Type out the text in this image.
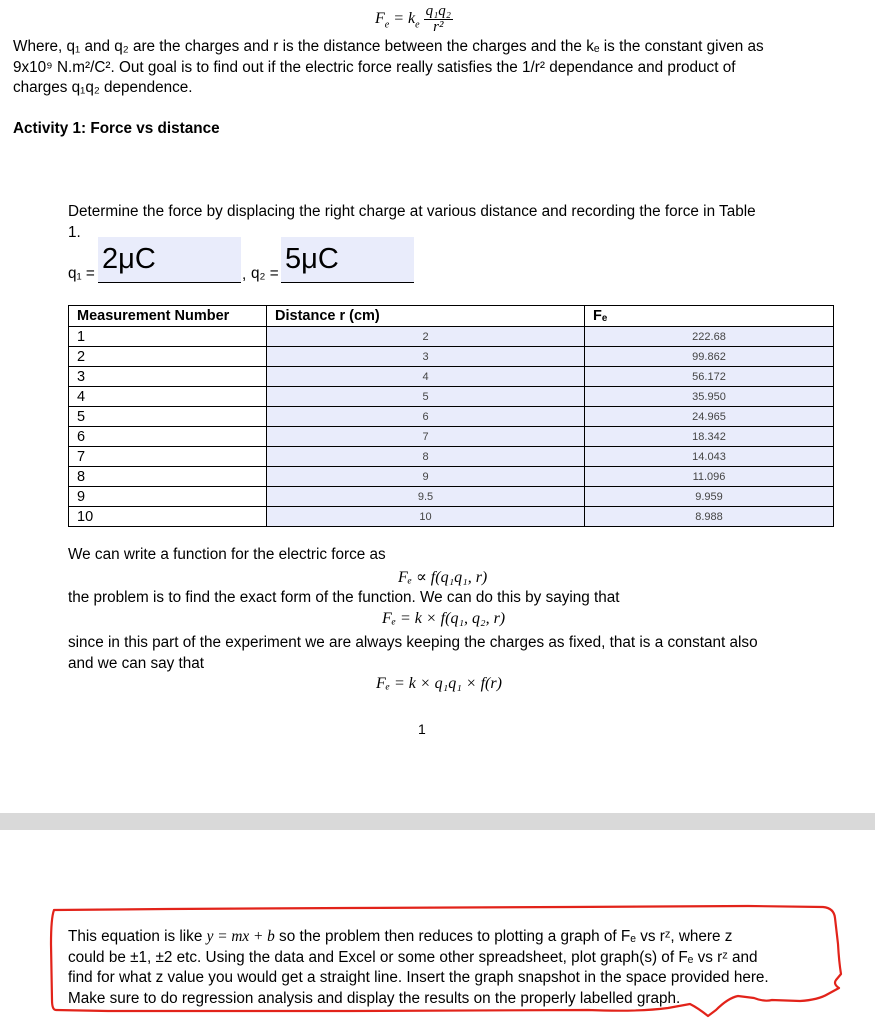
$F_e = k_e \frac{\text{q₁q₂}}{\text{r²}}$
Where, q₁ and q₂ are the charges and r is the distance between the charges and the kₑ is the constant given as
9x10⁹ N.m²/C². Out goal is to find out if the electric force really satisfies the 1/r² dependance and product of
charges q₁q₂ dependence.
Activity 1: Force vs distance
Determine the force by displacing the right charge at various distance and recording the force in Table
1.
q₁ = 2μC	, q₂ = 5μC
Measurement Number	Distance r (cm)	Fₑ
1	2	222.68
2	3	99.862
3	4	56.172
4	5	35.950
5	6	24.965
6	7	18.342
7	8	14.043
8	9	11.096
9	9.5	9.959
10	10	8.988
We can write a function for the electric force as
Fₑ ∝ f(q₁q₁, r)
the problem is to find the exact form of the function. We can do this by saying that
Fₑ = k × f(q₁, q₂, r)
since in this part of the experiment we are always keeping the charges as fixed, that is a constant also
and we can say that
Fₑ = k × q₁q₁ × f(r)
1
This equation is like y = mx + b so the problem then reduces to plotting a graph of Fₑ vs rᶻ, where z
could be ±1, ±2 etc. Using the data and Excel or some other spreadsheet, plot graph(s) of Fₑ vs rᶻ and
find for what z value you would get a straight line. Insert the graph snapshot in the space provided here.
Make sure to do regression analysis and display the results on the properly labelled graph.
